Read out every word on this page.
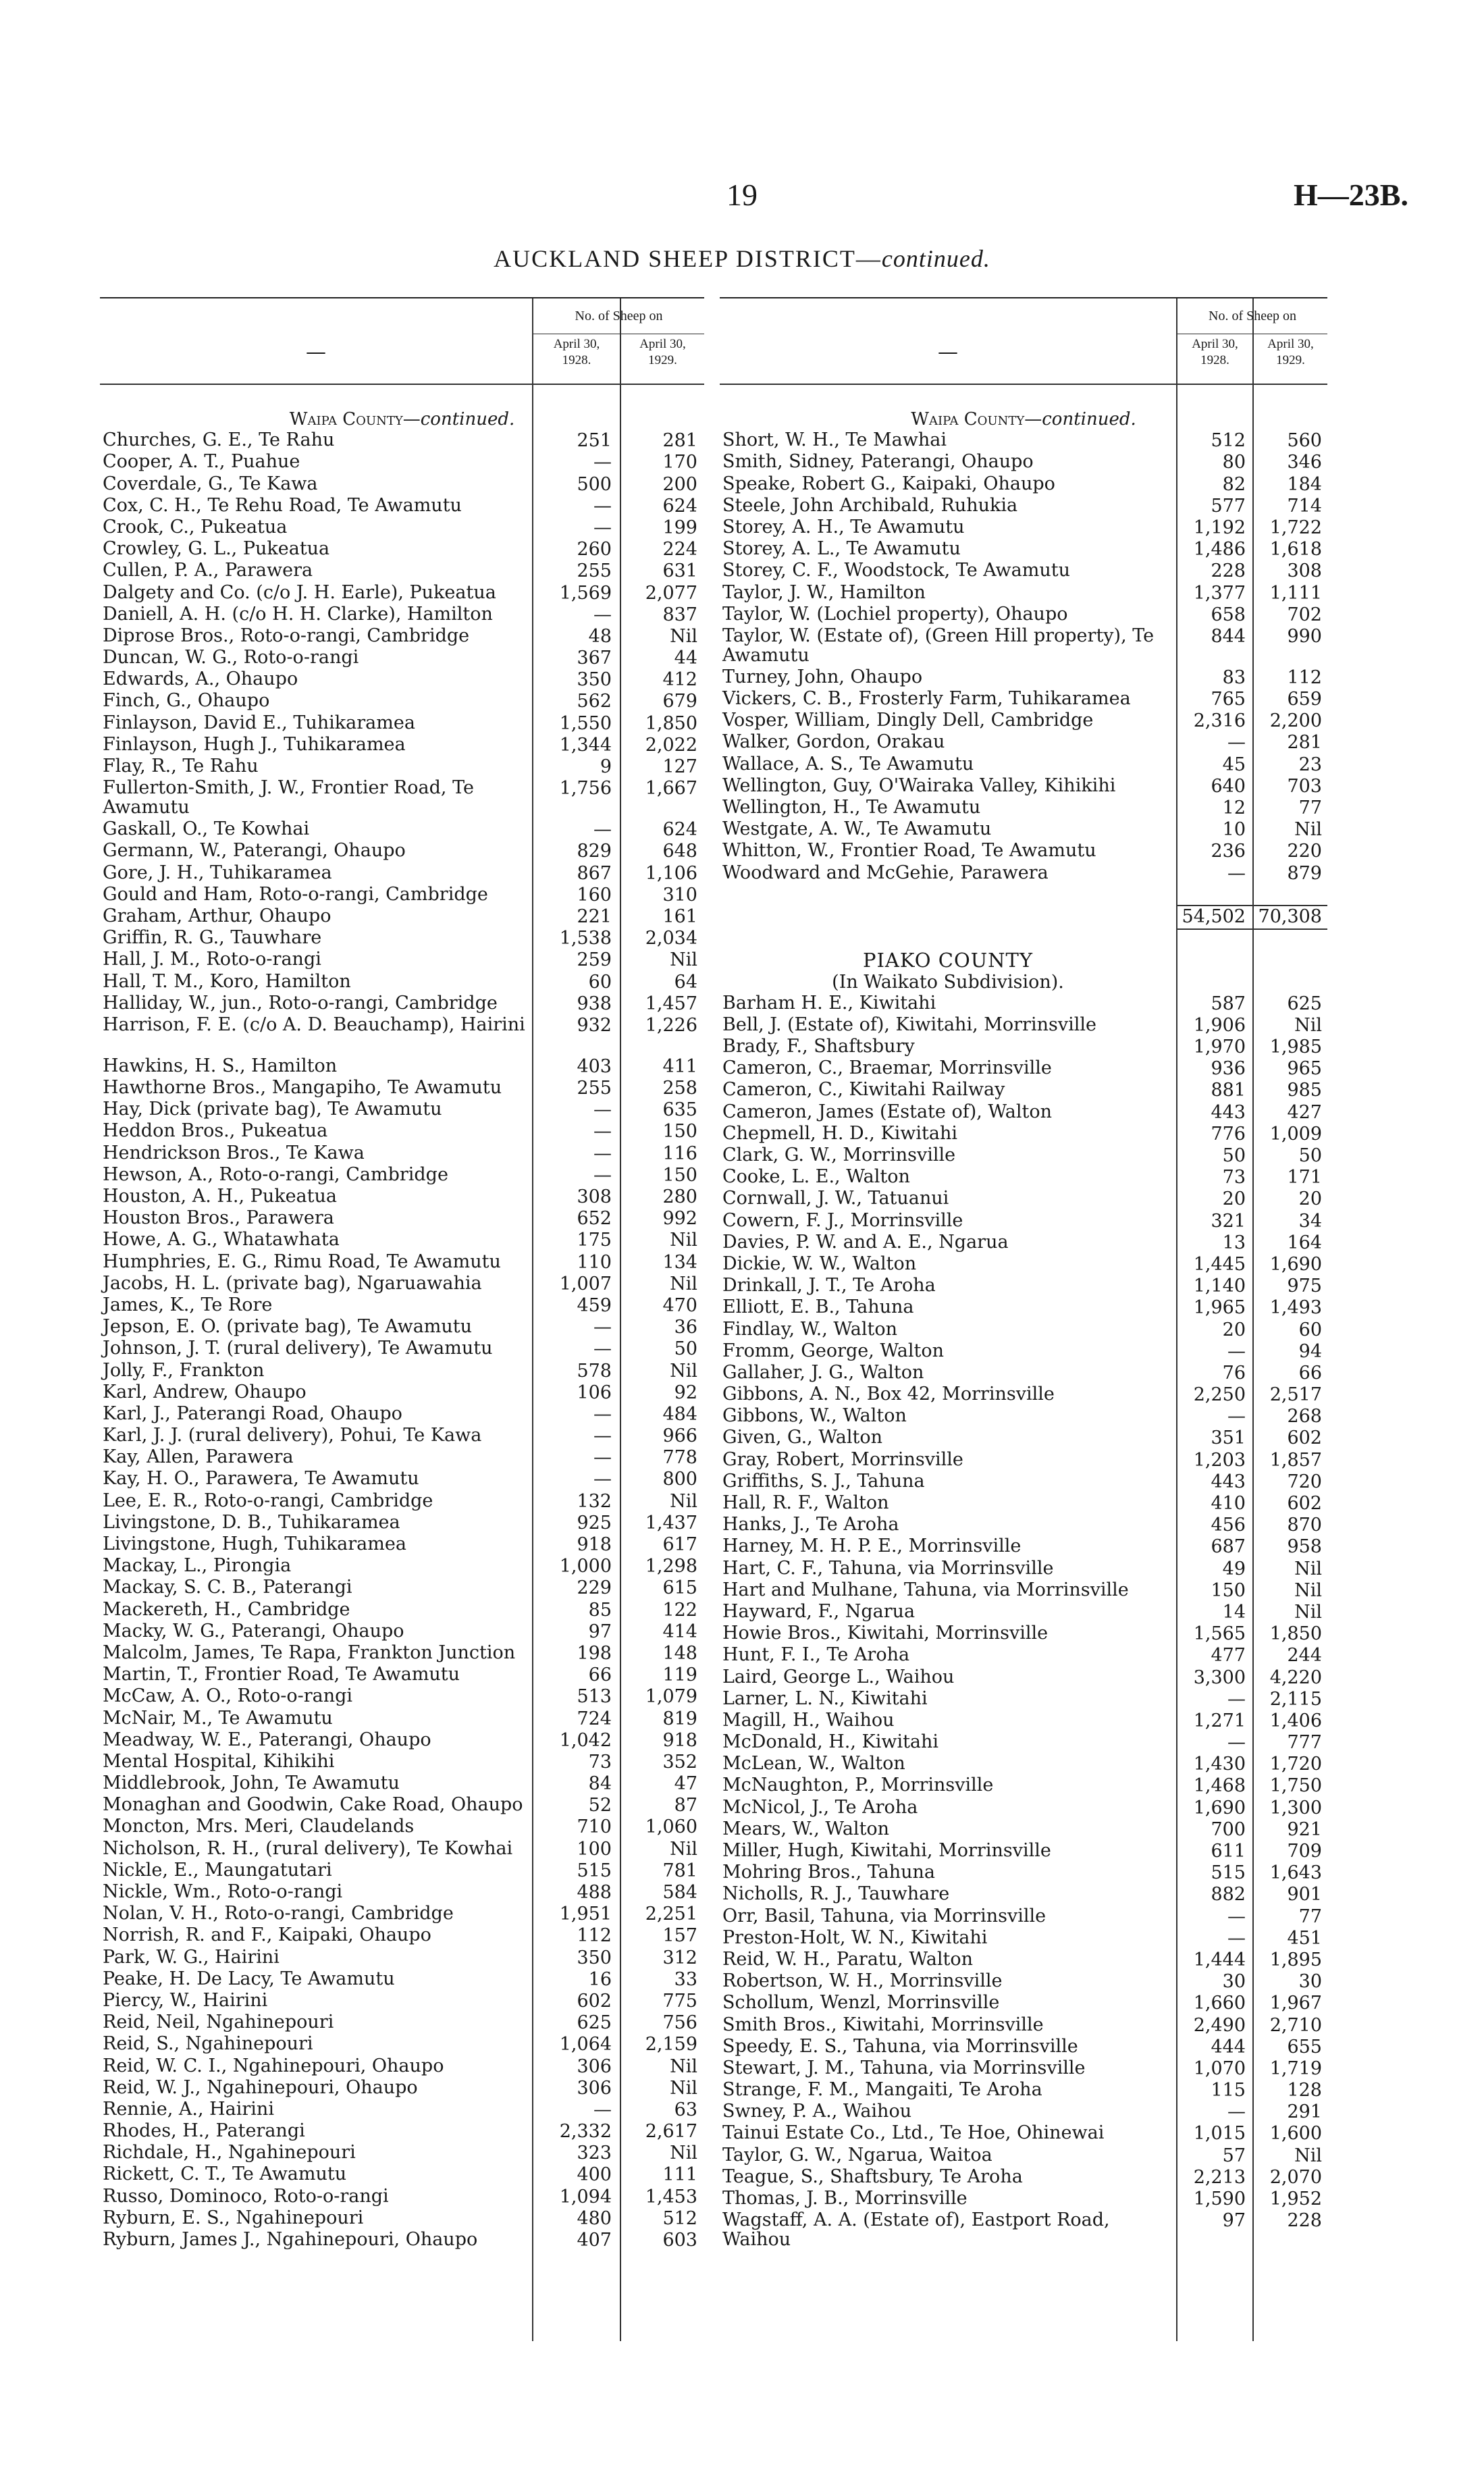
19	H—23B.
AUCKLAND SHEEP DISTRICT—continued.
—
No. of Sheep on
April 30,
1928.
April 30,
1929.
Waipa County—continued.
Churches, G. E., Te Rahu	251	281
Cooper, A. T., Puahue	—	170
Coverdale, G., Te Kawa	500	200
Cox, C. H., Te Rehu Road, Te Awamutu	—	624
Crook, C., Pukeatua	—	199
Crowley, G. L., Pukeatua	260	224
Cullen, P. A., Parawera	255	631
Dalgety and Co. (c/o J. H. Earle), Pukeatua	1,569	2,077
Daniell, A. H. (c/o H. H. Clarke), Hamilton	—	837
Diprose Bros., Roto-o-rangi, Cambridge	48	Nil
Duncan, W. G., Roto-o-rangi	367	44
Edwards, A., Ohaupo	350	412
Finch, G., Ohaupo	562	679
Finlayson, David E., Tuhikaramea	1,550	1,850
Finlayson, Hugh J., Tuhikaramea	1,344	2,022
Flay, R., Te Rahu	9	127
Fullerton-Smith, J. W., Frontier Road, Te Awamutu
1,756	1,667
Gaskall, O., Te Kowhai	—	624
Germann, W., Paterangi, Ohaupo	829	648
Gore, J. H., Tuhikaramea	867	1,106
Gould and Ham, Roto-o-rangi, Cambridge	160	310
Graham, Arthur, Ohaupo	221	161
Griffin, R. G., Tauwhare	1,538	2,034
Hall, J. M., Roto-o-rangi	259	Nil
Hall, T. M., Koro, Hamilton	60	64
Halliday, W., jun., Roto-o-rangi, Cambridge	938	1,457
Harrison, F. E. (c/o A. D. Beauchamp), Hairini	932	1,226
Hawkins, H. S., Hamilton	403	411
Hawthorne Bros., Mangapiho, Te Awamutu	255	258
Hay, Dick (private bag), Te Awamutu	—	635
Heddon Bros., Pukeatua	—	150
Hendrickson Bros., Te Kawa	—	116
Hewson, A., Roto-o-rangi, Cambridge	—	150
Houston, A. H., Pukeatua	308	280
Houston Bros., Parawera	652	992
Howe, A. G., Whatawhata	175	Nil
Humphries, E. G., Rimu Road, Te Awamutu	110	134
Jacobs, H. L. (private bag), Ngaruawahia	1,007	Nil
James, K., Te Rore	459	470
Jepson, E. O. (private bag), Te Awamutu	—	36
Johnson, J. T. (rural delivery), Te Awamutu	—	50
Jolly, F., Frankton	578	Nil
Karl, Andrew, Ohaupo	106	92
Karl, J., Paterangi Road, Ohaupo	—	484
Karl, J. J. (rural delivery), Pohui, Te Kawa	—	966
Kay, Allen, Parawera	—	778
Kay, H. O., Parawera, Te Awamutu	—	800
Lee, E. R., Roto-o-rangi, Cambridge	132	Nil
Livingstone, D. B., Tuhikaramea	925	1,437
Livingstone, Hugh, Tuhikaramea	918	617
Mackay, L., Pirongia	1,000	1,298
Mackay, S. C. B., Paterangi	229	615
Mackereth, H., Cambridge	85	122
Macky, W. G., Paterangi, Ohaupo	97	414
Malcolm, James, Te Rapa, Frankton Junction	198	148
Martin, T., Frontier Road, Te Awamutu	66	119
McCaw, A. O., Roto-o-rangi	513	1,079
McNair, M., Te Awamutu	724	819
Meadway, W. E., Paterangi, Ohaupo	1,042	918
Mental Hospital, Kihikihi	73	352
Middlebrook, John, Te Awamutu	84	47
Monaghan and Goodwin, Cake Road, Ohaupo	52	87
Moncton, Mrs. Meri, Claudelands	710	1,060
Nicholson, R. H., (rural delivery), Te Kowhai	100	Nil
Nickle, E., Maungatutari	515	781
Nickle, Wm., Roto-o-rangi	488	584
Nolan, V. H., Roto-o-rangi, Cambridge	1,951	2,251
Norrish, R. and F., Kaipaki, Ohaupo	112	157
Park, W. G., Hairini	350	312
Peake, H. De Lacy, Te Awamutu	16	33
Piercy, W., Hairini	602	775
Reid, Neil, Ngahinepouri	625	756
Reid, S., Ngahinepouri	1,064	2,159
Reid, W. C. I., Ngahinepouri, Ohaupo	306	Nil
Reid, W. J., Ngahinepouri, Ohaupo	306	Nil
Rennie, A., Hairini	—	63
Rhodes, H., Paterangi	2,332	2,617
Richdale, H., Ngahinepouri	323	Nil
Rickett, C. T., Te Awamutu	400	111
Russo, Dominoco, Roto-o-rangi	1,094	1,453
Ryburn, E. S., Ngahinepouri	480	512
Ryburn, James J., Ngahinepouri, Ohaupo	407	603
—
No. of Sheep on
April 30,
1928.
April 30,
1929.
Waipa County—continued.
Short, W. H., Te Mawhai	512	560
Smith, Sidney, Paterangi, Ohaupo	80	346
Speake, Robert G., Kaipaki, Ohaupo	82	184
Steele, John Archibald, Ruhukia	577	714
Storey, A. H., Te Awamutu	1,192	1,722
Storey, A. L., Te Awamutu	1,486	1,618
Storey, C. F., Woodstock, Te Awamutu	228	308
Taylor, J. W., Hamilton	1,377	1,111
Taylor, W. (Lochiel property), Ohaupo	658	702
Taylor, W. (Estate of), (Green Hill property), Te Awamutu
844	990
Turney, John, Ohaupo	83	112
Vickers, C. B., Frosterly Farm, Tuhikaramea	765	659
Vosper, William, Dingly Dell, Cambridge	2,316	2,200
Walker, Gordon, Orakau	—	281
Wallace, A. S., Te Awamutu	45	23
Wellington, Guy, O'Wairaka Valley, Kihikihi	640	703
Wellington, H., Te Awamutu	12	77
Westgate, A. W., Te Awamutu	10	Nil
Whitton, W., Frontier Road, Te Awamutu	236	220
Woodward and McGehie, Parawera	—	879
54,502 70,308
PIAKO COUNTY
(In Waikato Subdivision).
Barham H. E., Kiwitahi	587	625
Bell, J. (Estate of), Kiwitahi, Morrinsville	1,906	Nil
Brady, F., Shaftsbury	1,970	1,985
Cameron, C., Braemar, Morrinsville	936	965
Cameron, C., Kiwitahi Railway	881	985
Cameron, James (Estate of), Walton	443	427
Chepmell, H. D., Kiwitahi	776	1,009
Clark, G. W., Morrinsville	50	50
Cooke, L. E., Walton	73	171
Cornwall, J. W., Tatuanui	20	20
Cowern, F. J., Morrinsville	321	34
Davies, P. W. and A. E., Ngarua	13	164
Dickie, W. W., Walton	1,445	1,690
Drinkall, J. T., Te Aroha	1,140	975
Elliott, E. B., Tahuna	1,965	1,493
Findlay, W., Walton	20	60
Fromm, George, Walton	—	94
Gallaher, J. G., Walton	76	66
Gibbons, A. N., Box 42, Morrinsville	2,250	2,517
Gibbons, W., Walton	—	268
Given, G., Walton	351	602
Gray, Robert, Morrinsville	1,203	1,857
Griffiths, S. J., Tahuna	443	720
Hall, R. F., Walton	410	602
Hanks, J., Te Aroha	456	870
Harney, M. H. P. E., Morrinsville	687	958
Hart, C. F., Tahuna, via Morrinsville	49	Nil
Hart and Mulhane, Tahuna, via Morrinsville	150	Nil
Hayward, F., Ngarua	14	Nil
Howie Bros., Kiwitahi, Morrinsville	1,565	1,850
Hunt, F. I., Te Aroha	477	244
Laird, George L., Waihou	3,300	4,220
Larner, L. N., Kiwitahi	—	2,115
Magill, H., Waihou	1,271	1,406
McDonald, H., Kiwitahi	—	777
McLean, W., Walton	1,430	1,720
McNaughton, P., Morrinsville	1,468	1,750
McNicol, J., Te Aroha	1,690	1,300
Mears, W., Walton	700	921
Miller, Hugh, Kiwitahi, Morrinsville	611	709
Mohring Bros., Tahuna	515	1,643
Nicholls, R. J., Tauwhare	882	901
Orr, Basil, Tahuna, via Morrinsville	—	77
Preston-Holt, W. N., Kiwitahi	—	451
Reid, W. H., Paratu, Walton	1,444	1,895
Robertson, W. H., Morrinsville	30	30
Schollum, Wenzl, Morrinsville	1,660	1,967
Smith Bros., Kiwitahi, Morrinsville	2,490	2,710
Speedy, E. S., Tahuna, via Morrinsville	444	655
Stewart, J. M., Tahuna, via Morrinsville	1,070	1,719
Strange, F. M., Mangaiti, Te Aroha	115	128
Swney, P. A., Waihou	—	291
Tainui Estate Co., Ltd., Te Hoe, Ohinewai	1,015	1,600
Taylor, G. W., Ngarua, Waitoa	57	Nil
Teague, S., Shaftsbury, Te Aroha	2,213	2,070
Thomas, J. B., Morrinsville	1,590	1,952
Wagstaff, A. A. (Estate of), Eastport Road, Waihou
97	228
